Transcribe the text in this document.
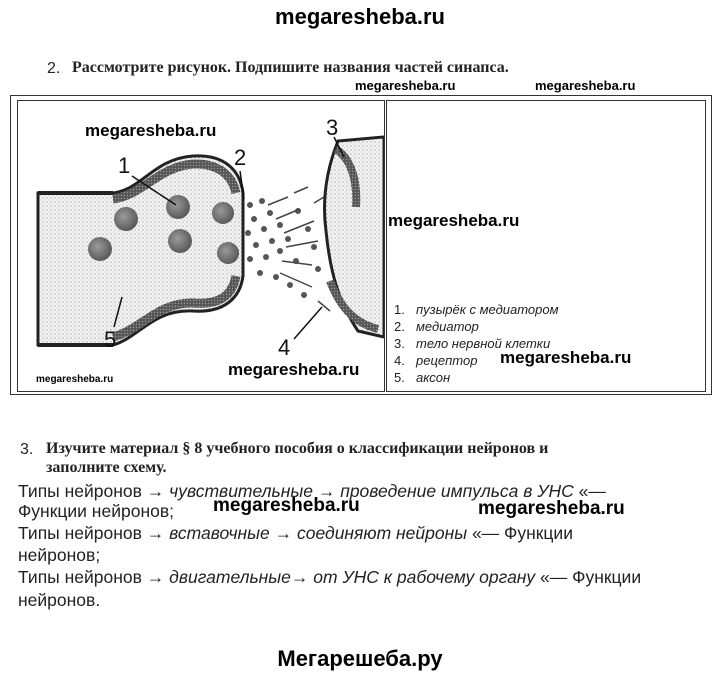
megaresheba.ru
2. Рассмотрите рисунок. Подпишите названия частей синапса.
megaresheba.ru	megaresheba.ru
1	2
3
4
5
megaresheba.ru
megaresheba.ru
megaresheba.ru
megaresheba.ru
1. пузырёк с медиатором
2. медиатор
3. тело нервной клетки
4. рецептор
5. аксон
megaresheba.ru
3. Изучите материал § 8 учебного пособия о классификации нейронов и
заполните схему.
Типы нейронов → чувствительные → проведение импульса в УНС «—
Функции нейронов;
Типы нейронов → вставочные → соединяют нейроны «— Функции
нейронов;
Типы нейронов → двигательные→ от УНС к рабочему органу «— Функции
нейронов.
megaresheba.ru	megaresheba.ru
Мегарешеба.ру
